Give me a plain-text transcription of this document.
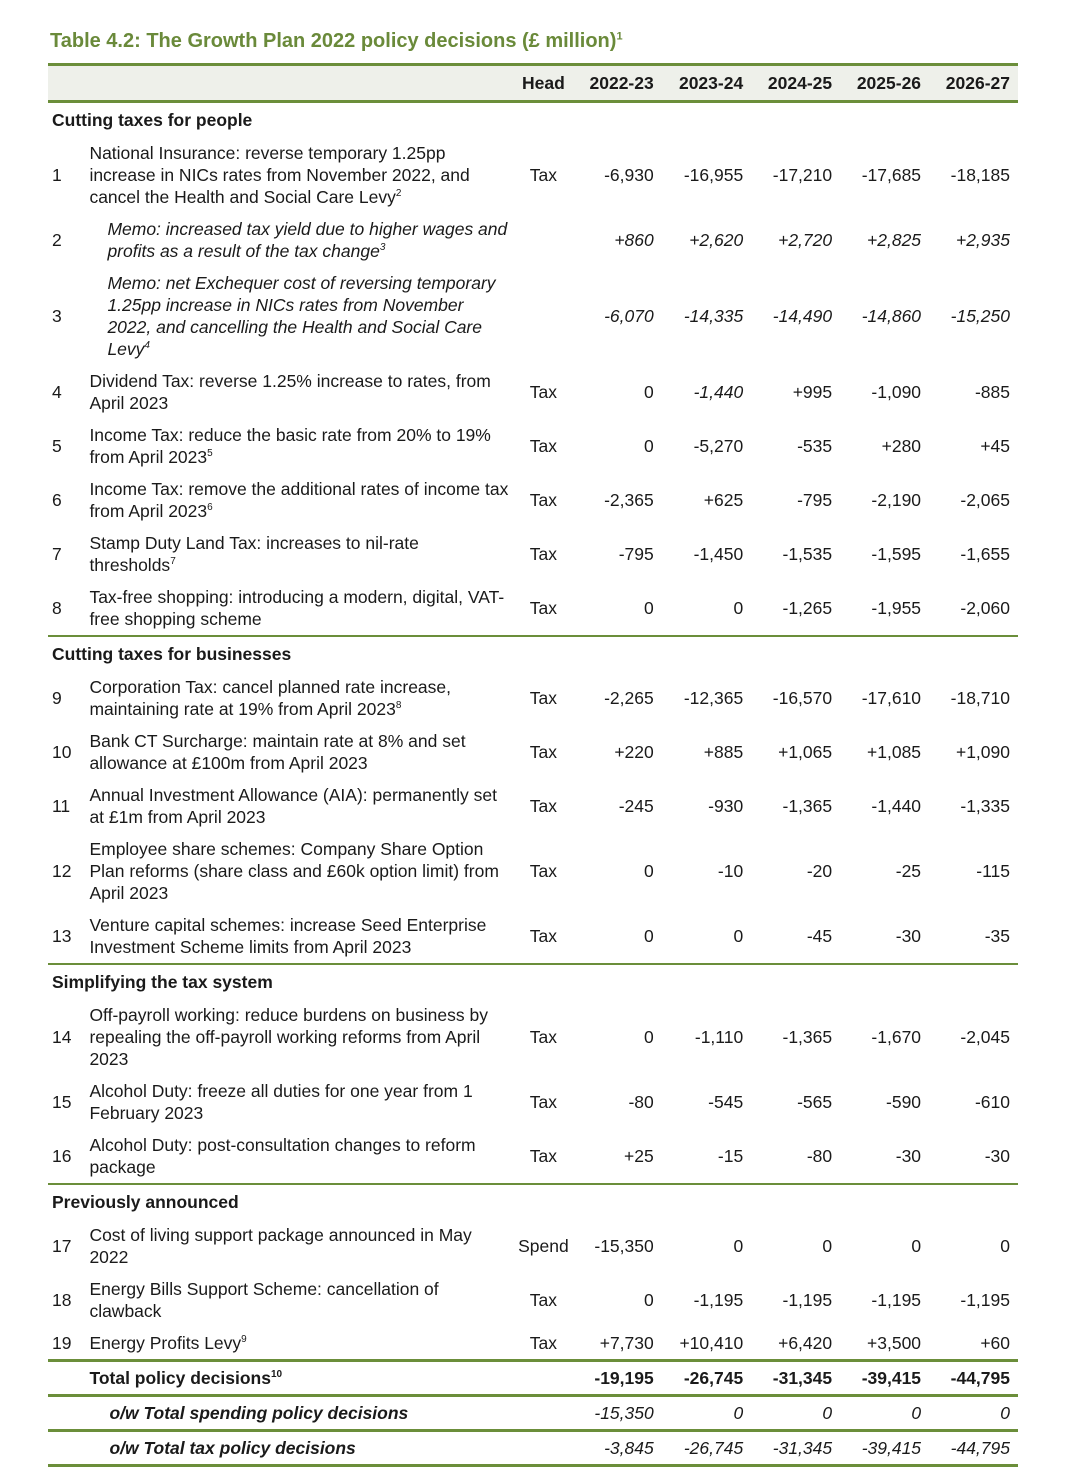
Table 4.2: The Growth Plan 2022 policy decisions (£ million)$^1$
		Head	2022-23	2023-24	2024-25	2025-26	2026-27
Cutting taxes for people							
1	National Insurance: reverse temporary 1.25pp increase in NICs rates from November 2022, and cancel the Health and Social Care Levy$^2$	Tax	-6,930	-16,955	-17,210	-17,685	-18,185
2	Memo: increased tax yield due to higher wages and profits as a result of the tax change$^3$		+860	+2,620	+2,720	+2,825	+2,935
3	Memo: net Exchequer cost of reversing temporary 1.25pp increase in NICs rates from November 2022, and cancelling the Health and Social Care Levy$^4$		-6,070	-14,335	-14,490	-14,860	-15,250
4	Dividend Tax: reverse 1.25% increase to rates, from April 2023	Tax	0	-1,440	+995	-1,090	-885
5	Income Tax: reduce the basic rate from 20% to 19% from April 2023$^5$	Tax	0	-5,270	-535	+280	+45
6	Income Tax: remove the additional rates of income tax from April 2023$^6$	Tax	-2,365	+625	-795	-2,190	-2,065
7	Stamp Duty Land Tax: increases to nil-rate thresholds$^7$	Tax	-795	-1,450	-1,535	-1,595	-1,655
8	Tax-free shopping: introducing a modern, digital, VAT-free shopping scheme	Tax	0	0	-1,265	-1,955	-2,060
Cutting taxes for businesses							
9	Corporation Tax: cancel planned rate increase, maintaining rate at 19% from April 2023$^8$	Tax	-2,265	-12,365	-16,570	-17,610	-18,710
10	Bank CT Surcharge: maintain rate at 8% and set allowance at £100m from April 2023	Tax	+220	+885	+1,065	+1,085	+1,090
11	Annual Investment Allowance (AIA): permanently set at £1m from April 2023	Tax	-245	-930	-1,365	-1,440	-1,335
12	Employee share schemes: Company Share Option Plan reforms (share class and £60k option limit) from April 2023	Tax	0	-10	-20	-25	-115
13	Venture capital schemes: increase Seed Enterprise Investment Scheme limits from April 2023	Tax	0	0	-45	-30	-35
Simplifying the tax system							
14	Off-payroll working: reduce burdens on business by repealing the off-payroll working reforms from April 2023	Tax	0	-1,110	-1,365	-1,670	-2,045
15	Alcohol Duty: freeze all duties for one year from 1 February 2023	Tax	-80	-545	-565	-590	-610
16	Alcohol Duty: post-consultation changes to reform package	Tax	+25	-15	-80	-30	-30
Previously announced							
17	Cost of living support package announced in May 2022	Spend	-15,350	0	0	0	0
18	Energy Bills Support Scheme: cancellation of clawback	Tax	0	-1,195	-1,195	-1,195	-1,195
19	Energy Profits Levy$^9$	Tax	+7,730	+10,410	+6,420	+3,500	+60
	Total policy decisions$^{10}$		-19,195	-26,745	-31,345	-39,415	-44,795
	o/w Total spending policy decisions		-15,350	0	0	0	0
	o/w Total tax policy decisions		-3,845	-26,745	-31,345	-39,415	-44,795
